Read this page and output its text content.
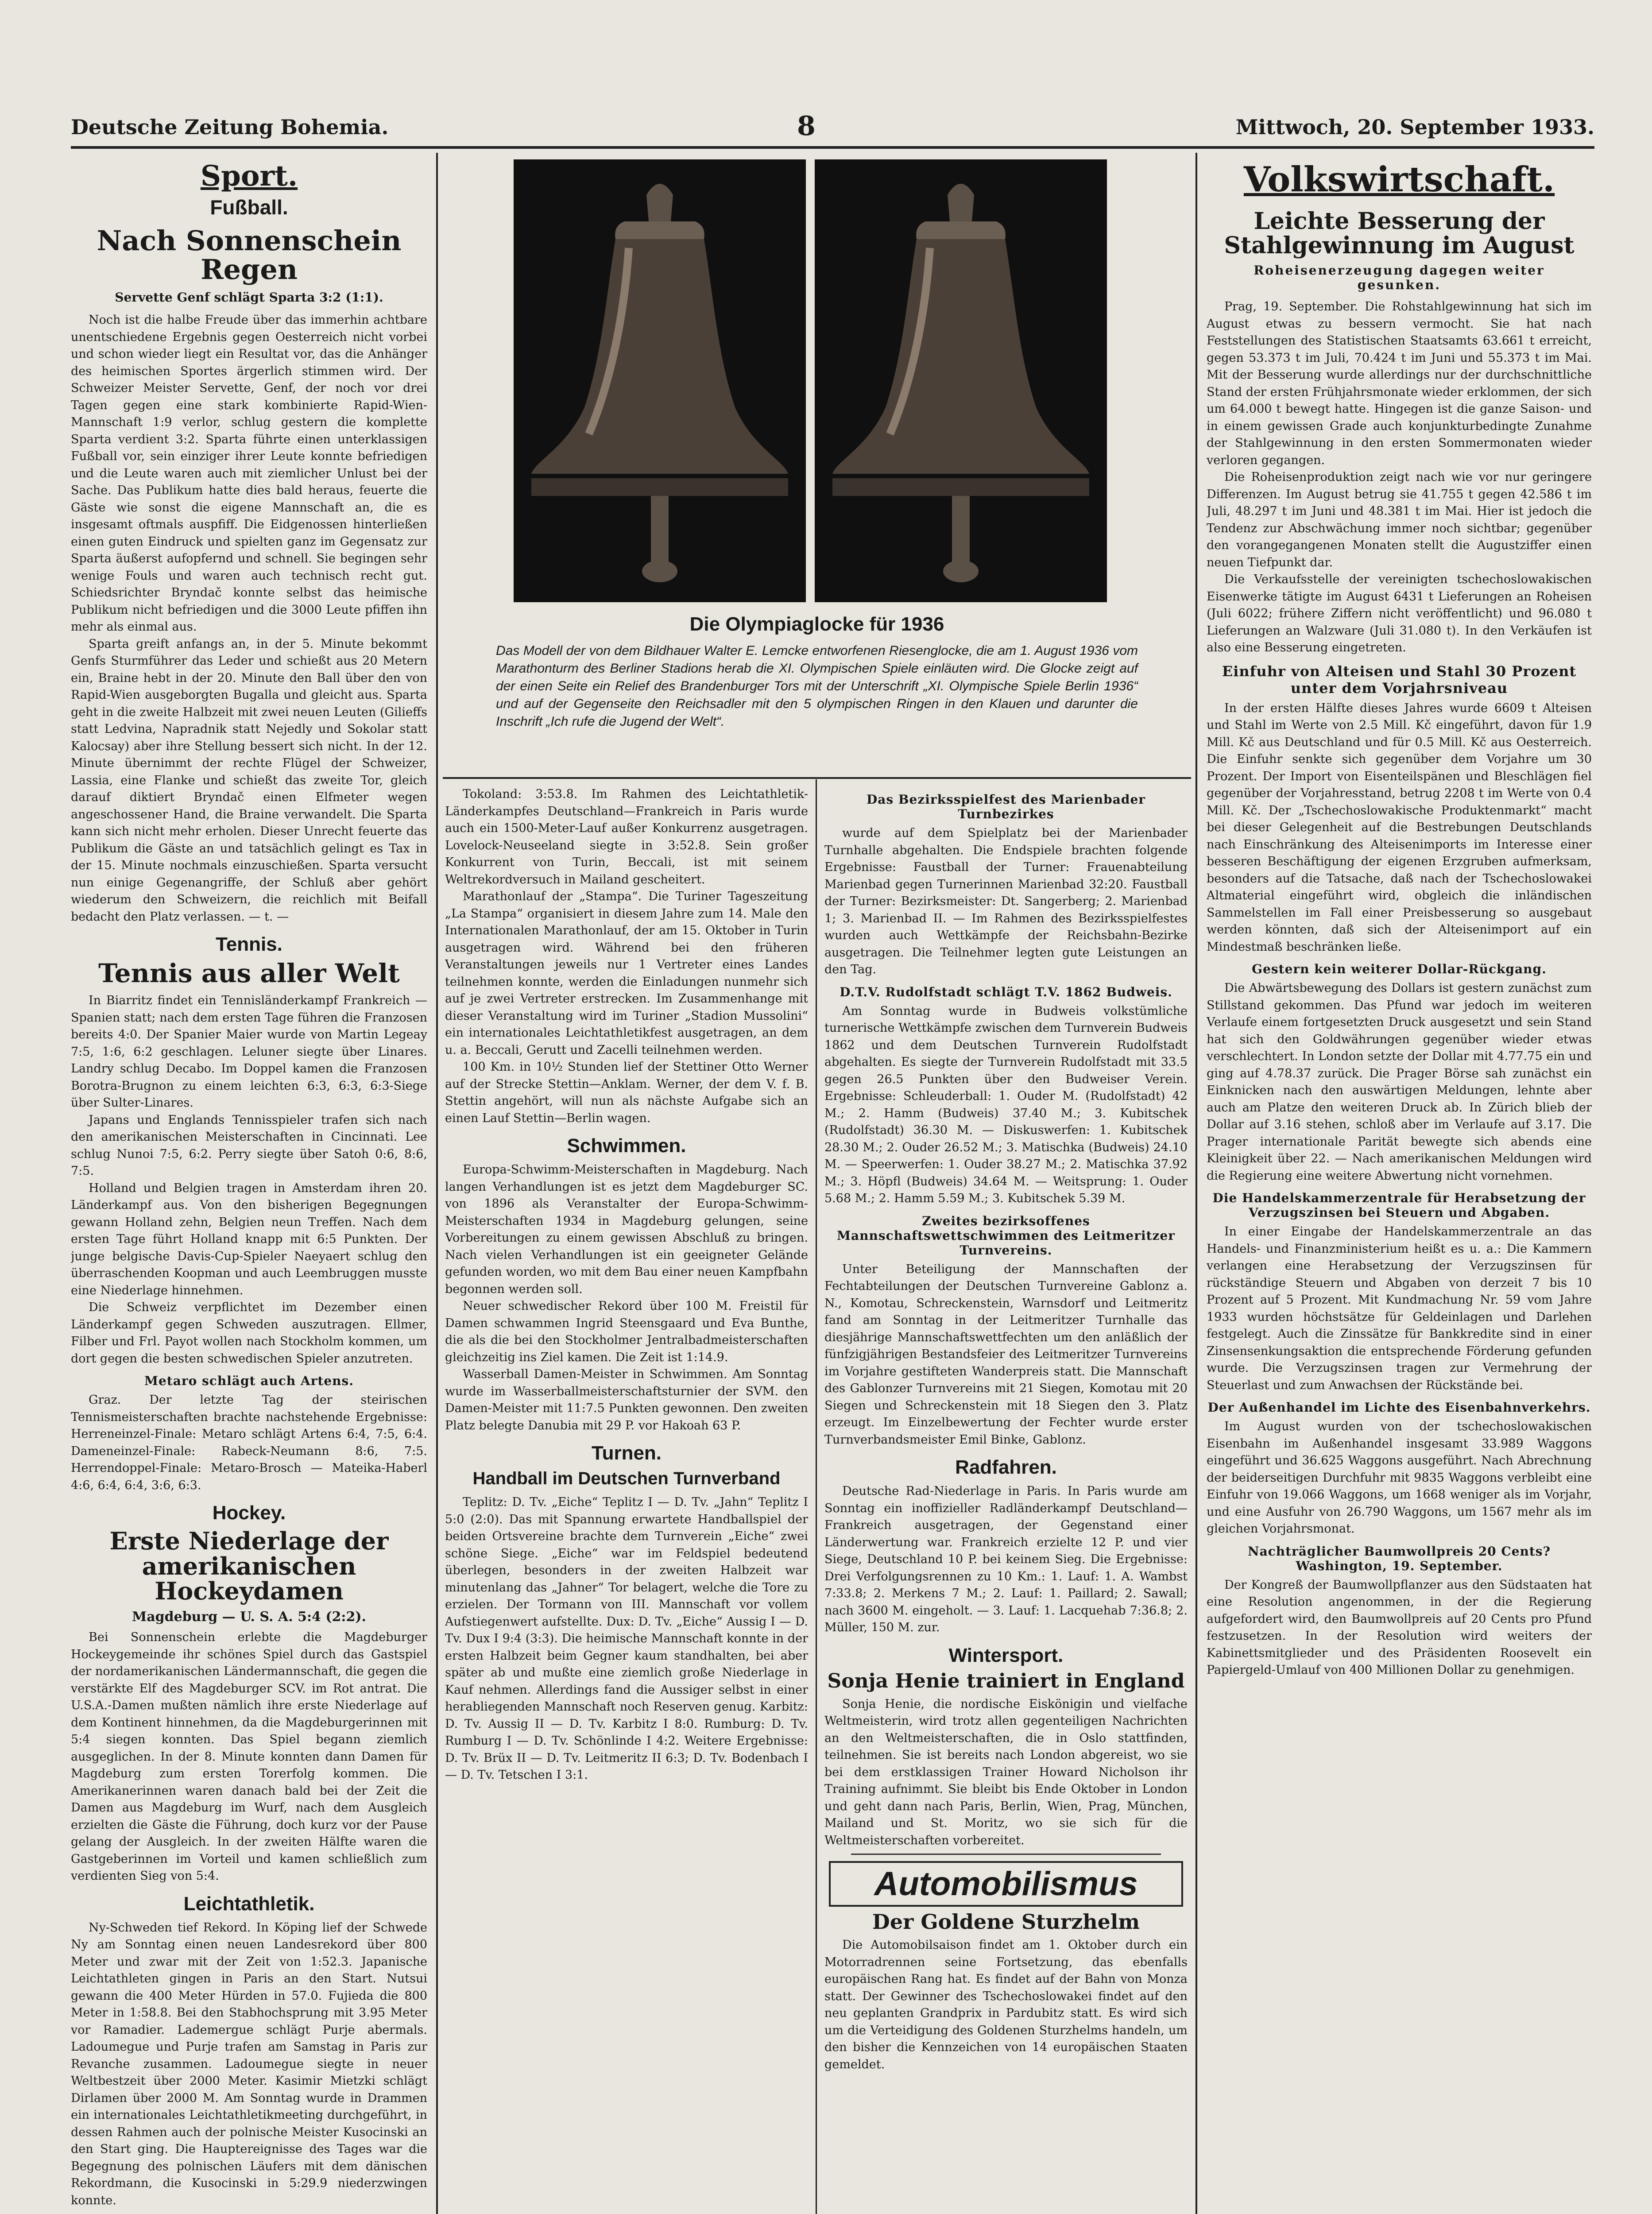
Deutsche Zeitung Bohemia.	8	Mittwoch, 20. September 1933.
Sport.
Fußball.
Nach Sonnenschein Regen
Servette Genf schlägt Sparta 3:2 (1:1).

Noch ist die halbe Freude über das immerhin achtbare unentschiedene Ergebnis gegen Oesterreich nicht vorbei und schon wieder liegt ein Resultat vor, das die Anhänger des heimischen Sportes ärgerlich stimmen wird. Der Schweizer Meister Servette, Genf, der noch vor drei Tagen gegen eine stark kombinierte Rapid-Wien-Mannschaft 1:9 verlor, schlug gestern die komplette Sparta verdient 3:2. Sparta führte einen unterklassigen Fußball vor, sein einziger ihrer Leute konnte befriedigen und die Leute waren auch mit ziemlicher Unlust bei der Sache. Das Publikum hatte dies bald heraus, feuerte die Gäste wie sonst die eigene Mannschaft an, die es insgesamt oftmals auspfiff. Die Eidgenossen hinterließen einen guten Eindruck und spielten ganz im Gegensatz zur Sparta äußerst aufopfernd und schnell. Sie begingen sehr wenige Fouls und waren auch technisch recht gut. Schiedsrichter Bryndač konnte selbst das heimische Publikum nicht befriedigen und die 3000 Leute pfiffen ihn mehr als einmal aus.

Sparta greift anfangs an, in der 5. Minute bekommt Genfs Sturmführer das Leder und schießt aus 20 Metern ein, Braine hebt in der 20. Minute den Ball über den von Rapid-Wien ausgeborgten Bugalla und gleicht aus. Sparta geht in die zweite Halbzeit mit zwei neuen Leuten (Gilieffs statt Ledvina, Napradnik statt Nejedly und Sokolar statt Kalocsay) aber ihre Stellung bessert sich nicht. In der 12. Minute übernimmt der rechte Flügel der Schweizer, Lassia, eine Flanke und schießt das zweite Tor, gleich darauf diktiert Bryndač einen Elfmeter wegen angeschossener Hand, die Braine verwandelt. Die Sparta kann sich nicht mehr erholen. Dieser Unrecht feuerte das Publikum die Gäste an und tatsächlich gelingt es Tax in der 15. Minute nochmals einzuschießen. Sparta versucht nun einige Gegenangriffe, der Schluß aber gehört wiederum den Schweizern, die reichlich mit Beifall bedacht den Platz verlassen. — t. —

Tennis.
Tennis aus aller Welt

In Biarritz findet ein Tennisländerkampf Frankreich — Spanien statt; nach dem ersten Tage führen die Franzosen bereits 4:0. Der Spanier Maier wurde von Martin Legeay 7:5, 1:6, 6:2 geschlagen. Leluner siegte über Linares. Landry schlug Decabo. Im Doppel kamen die Franzosen Borotra-Brugnon zu einem leichten 6:3, 6:3, 6:3-Siege über Sulter-Linares.

Japans und Englands Tennisspieler trafen sich nach den amerikanischen Meisterschaften in Cincinnati. Lee schlug Nunoi 7:5, 6:2. Perry siegte über Satoh 0:6, 8:6, 7:5.

Holland und Belgien tragen in Amsterdam ihren 20. Länderkampf aus. Von den bisherigen Begegnungen gewann Holland zehn, Belgien neun Treffen. Nach dem ersten Tage führt Holland knapp mit 6:5 Punkten. Der junge belgische Davis-Cup-Spieler Naeyaert schlug den überraschenden Koopman und auch Leembruggen musste eine Niederlage hinnehmen.

Die Schweiz verpflichtet im Dezember einen Länderkampf gegen Schweden auszutragen. Ellmer, Filber und Frl. Payot wollen nach Stockholm kommen, um dort gegen die besten schwedischen Spieler anzutreten.

Metaro schlägt auch Artens.

Graz. Der letzte Tag der steirischen Tennismeisterschaften brachte nachstehende Ergebnisse: Herreneinzel-Finale: Metaro schlägt Artens 6:4, 7:5, 6:4. Dameneinzel-Finale: Rabeck-Neumann 8:6, 7:5. Herrendoppel-Finale: Metaro-Brosch — Mateika-Haberl 4:6, 6:4, 6:4, 3:6, 6:3.

Hockey.
Erste Niederlage der amerikanischen Hockeydamen
Magdeburg — U. S. A. 5:4 (2:2).

Bei Sonnenschein erlebte die Magdeburger Hockeygemeinde ihr schönes Spiel durch das Gastspiel der nordamerikanischen Ländermannschaft, die gegen die verstärkte Elf des Magdeburger SCV. im Rot antrat. Die U.S.A.-Damen mußten nämlich ihre erste Niederlage auf dem Kontinent hinnehmen, da die Magdeburgerinnen mit 5:4 siegen konnten. Das Spiel begann ziemlich ausgeglichen. In der 8. Minute konnten dann Damen für Magdeburg zum ersten Torerfolg kommen. Die Amerikanerinnen waren danach bald bei der Zeit die Damen aus Magdeburg im Wurf, nach dem Ausgleich erzielten die Gäste die Führung, doch kurz vor der Pause gelang der Ausgleich. In der zweiten Hälfte waren die Gastgeberinnen im Vorteil und kamen schließlich zum verdienten Sieg von 5:4.

Leichtathletik.

Ny-Schweden tief Rekord. In Köping lief der Schwede Ny am Sonntag einen neuen Landesrekord über 800 Meter und zwar mit der Zeit von 1:52.3. Japanische Leichtathleten gingen in Paris an den Start. Nutsui gewann die 400 Meter Hürden in 57.0. Fujieda die 800 Meter in 1:58.8. Bei den Stabhochsprung mit 3.95 Meter vor Ramadier. Lademergue schlägt Purje abermals. Ladoumegue und Purje trafen am Samstag in Paris zur Revanche zusammen. Ladoumegue siegte in neuer Weltbestzeit über 2000 Meter. Kasimir Mietzki schlägt Dirlamen über 2000 M. Am Sonntag wurde in Drammen ein internationales Leichtathletikmeeting durchgeführt, in dessen Rahmen auch der polnische Meister Kusocinski an den Start ging. Die Hauptereignisse des Tages war die Begegnung des polnischen Läufers mit dem dänischen Rekordmann, die Kusocinski in 5:29.9 niederzwingen konnte.

Die Olympiaglocke für 1936
Das Modell der von dem Bildhauer Walter E. Lemcke entworfenen Riesenglocke, die am 1. August 1936 vom Marathonturm des Berliner Stadions herab die XI. Olympischen Spiele einläuten wird. Die Glocke zeigt auf der einen Seite ein Relief des Brandenburger Tors mit der Unterschrift „XI. Olympische Spiele Berlin 1936“ und auf der Gegenseite den Reichsadler mit den 5 olympischen Ringen in den Klauen und darunter die Inschrift „Ich rufe die Jugend der Welt“.

Tokoland: 3:53.8. Im Rahmen des Leichtathletik-Länderkampfes Deutschland—Frankreich in Paris wurde auch ein 1500-Meter-Lauf außer Konkurrenz ausgetragen. Lovelock-Neuseeland siegte in 3:52.8. Sein großer Konkurrent von Turin, Beccali, ist mit seinem Weltrekordversuch in Mailand gescheitert.

Marathonlauf der „Stampa“. Die Turiner Tageszeitung „La Stampa“ organisiert in diesem Jahre zum 14. Male den Internationalen Marathonlauf, der am 15. Oktober in Turin ausgetragen wird. Während bei den früheren Veranstaltungen jeweils nur 1 Vertreter eines Landes teilnehmen konnte, werden die Einladungen nunmehr sich auf je zwei Vertreter erstrecken. Im Zusammenhange mit dieser Veranstaltung wird im Turiner „Stadion Mussolini“ ein internationales Leichtathletikfest ausgetragen, an dem u. a. Beccali, Gerutt und Zacelli teilnehmen werden.

100 Km. in 10½ Stunden lief der Stettiner Otto Werner auf der Strecke Stettin—Anklam. Werner, der dem V. f. B. Stettin angehört, will nun als nächste Aufgabe sich an einen Lauf Stettin—Berlin wagen.

Schwimmen.

Europa-Schwimm-Meisterschaften in Magdeburg. Nach langen Verhandlungen ist es jetzt dem Magdeburger SC. von 1896 als Veranstalter der Europa-Schwimm-Meisterschaften 1934 in Magdeburg gelungen, seine Vorbereitungen zu einem gewissen Abschluß zu bringen. Nach vielen Verhandlungen ist ein geeigneter Gelände gefunden worden, wo mit dem Bau einer neuen Kampfbahn begonnen werden soll.

Neuer schwedischer Rekord über 100 M. Freistil für Damen schwammen Ingrid Steensgaard und Eva Bunthe, die als die bei den Stockholmer Jentralbadmeisterschaften gleichzeitig ins Ziel kamen. Die Zeit ist 1:14.9.

Wasserball Damen-Meister in Schwimmen. Am Sonntag wurde im Wasserballmeisterschaftsturnier der SVM. den Damen-Meister mit 11:7.5 Punkten gewonnen. Den zweiten Platz belegte Danubia mit 29 P. vor Hakoah 63 P.

Turnen.
Handball im Deutschen Turnverband

Teplitz: D. Tv. „Eiche“ Teplitz I — D. Tv. „Jahn“ Teplitz I 5:0 (2:0). Das mit Spannung erwartete Handballspiel der beiden Ortsvereine brachte dem Turnverein „Eiche“ zwei schöne Siege. „Eiche“ war im Feldspiel bedeutend überlegen, besonders in der zweiten Halbzeit war minutenlang das „Jahner“ Tor belagert, welche die Tore zu erzielen. Der Tormann von III. Mannschaft vor vollem Aufstiegenwert aufstellte. Dux: D. Tv. „Eiche“ Aussig I — D. Tv. Dux I 9:4 (3:3). Die heimische Mannschaft konnte in der ersten Halbzeit beim Gegner kaum standhalten, bei aber später ab und mußte eine ziemlich große Niederlage in Kauf nehmen. Allerdings fand die Aussiger selbst in einer herabliegenden Mannschaft noch Reserven genug. Karbitz: D. Tv. Aussig II — D. Tv. Karbitz I 8:0. Rumburg: D. Tv. Rumburg I — D. Tv. Schönlinde I 4:2. Weitere Ergebnisse: D. Tv. Brüx II — D. Tv. Leitmeritz II 6:3; D. Tv. Bodenbach I — D. Tv. Tetschen I 3:1.

Das Bezirksspielfest des Marienbader Turnbezirkes

wurde auf dem Spielplatz bei der Marienbader Turnhalle abgehalten. Die Endspiele brachten folgende Ergebnisse: Faustball der Turner: Frauenabteilung Marienbad gegen Turnerinnen Marienbad 32:20. Faustball der Turner: Bezirksmeister: Dt. Sangerberg; 2. Marienbad 1; 3. Marienbad II. — Im Rahmen des Bezirksspielfestes wurden auch Wettkämpfe der Reichsbahn-Bezirke ausgetragen. Die Teilnehmer legten gute Leistungen an den Tag.

D.T.V. Rudolfstadt schlägt T.V. 1862 Budweis.

Am Sonntag wurde in Budweis volkstümliche turnerische Wettkämpfe zwischen dem Turnverein Budweis 1862 und dem Deutschen Turnverein Rudolfstadt abgehalten. Es siegte der Turnverein Rudolfstadt mit 33.5 gegen 26.5 Punkten über den Budweiser Verein. Ergebnisse: Schleuderball: 1. Ouder M. (Rudolfstadt) 42 M.; 2. Hamm (Budweis) 37.40 M.; 3. Kubitschek (Rudolfstadt) 36.30 M. — Diskuswerfen: 1. Kubitschek 28.30 M.; 2. Ouder 26.52 M.; 3. Matischka (Budweis) 24.10 M. — Speerwerfen: 1. Ouder 38.27 M.; 2. Matischka 37.92 M.; 3. Höpfl (Budweis) 34.64 M. — Weitsprung: 1. Ouder 5.68 M.; 2. Hamm 5.59 M.; 3. Kubitschek 5.39 M.

Zweites bezirksoffenes Mannschaftswettschwimmen des Leitmeritzer Turnvereins.

Unter Beteiligung der Mannschaften der Fechtabteilungen der Deutschen Turnvereine Gablonz a. N., Komotau, Schreckenstein, Warnsdorf und Leitmeritz fand am Sonntag in der Leitmeritzer Turnhalle das diesjährige Mannschaftswettfechten um den anläßlich der fünfzigjährigen Bestandsfeier des Leitmeritzer Turnvereins im Vorjahre gestifteten Wanderpreis statt. Die Mannschaft des Gablonzer Turnvereins mit 21 Siegen, Komotau mit 20 Siegen und Schreckenstein mit 18 Siegen den 3. Platz erzeugt. Im Einzelbewertung der Fechter wurde erster Turnverbandsmeister Emil Binke, Gablonz.

Radfahren.

Deutsche Rad-Niederlage in Paris. In Paris wurde am Sonntag ein inoffizieller Radländerkampf Deutschland—Frankreich ausgetragen, der Gegenstand einer Länderwertung war. Frankreich erzielte 12 P. und vier Siege, Deutschland 10 P. bei keinem Sieg. Die Ergebnisse: Drei Verfolgungsrennen zu 10 Km.: 1. Lauf: 1. A. Wambst 7:33.8; 2. Merkens 7 M.; 2. Lauf: 1. Paillard; 2. Sawall; nach 3600 M. eingeholt. — 3. Lauf: 1. Lacquehab 7:36.8; 2. Müller, 150 M. zur.

Wintersport.
Sonja Henie trainiert in England

Sonja Henie, die nordische Eiskönigin und vielfache Weltmeisterin, wird trotz allen gegenteiligen Nachrichten an den Weltmeisterschaften, die in Oslo stattfinden, teilnehmen. Sie ist bereits nach London abgereist, wo sie bei dem erstklassigen Trainer Howard Nicholson ihr Training aufnimmt. Sie bleibt bis Ende Oktober in London und geht dann nach Paris, Berlin, Wien, Prag, München, Mailand und St. Moritz, wo sie sich für die Weltmeisterschaften vorbereitet.

Automobilismus
Der Goldene Sturzhelm

Die Automobilsaison findet am 1. Oktober durch ein Motorradrennen seine Fortsetzung, das ebenfalls europäischen Rang hat. Es findet auf der Bahn von Monza statt. Der Gewinner des Tschechoslowakei findet auf den neu geplanten Grandprix in Pardubitz statt. Es wird sich um die Verteidigung des Goldenen Sturzhelms handeln, um den bisher die Kennzeichen von 14 europäischen Staaten gemeldet.

Volkswirtschaft.
Leichte Besserung der Stahlgewinnung im August
Roheisenerzeugung dagegen weiter gesunken.

Prag, 19. September. Die Rohstahlgewinnung hat sich im August etwas zu bessern vermocht. Sie hat nach Feststellungen des Statistischen Staatsamts 63.661 t erreicht, gegen 53.373 t im Juli, 70.424 t im Juni und 55.373 t im Mai. Mit der Besserung wurde allerdings nur der durchschnittliche Stand der ersten Frühjahrsmonate wieder erklommen, der sich um 64.000 t bewegt hatte. Hingegen ist die ganze Saison- und in einem gewissen Grade auch konjunkturbedingte Zunahme der Stahlgewinnung in den ersten Sommermonaten wieder verloren gegangen.

Die Roheisenproduktion zeigt nach wie vor nur geringere Differenzen. Im August betrug sie 41.755 t gegen 42.586 t im Juli, 48.297 t im Juni und 48.381 t im Mai. Hier ist jedoch die Tendenz zur Abschwächung immer noch sichtbar; gegenüber den vorangegangenen Monaten stellt die Augustziffer einen neuen Tiefpunkt dar.

Die Verkaufsstelle der vereinigten tschechoslowakischen Eisenwerke tätigte im August 6431 t Lieferungen an Roheisen (Juli 6022; frühere Ziffern nicht veröffentlicht) und 96.080 t Lieferungen an Walzware (Juli 31.080 t). In den Verkäufen ist also eine Besserung eingetreten.

Einfuhr von Alteisen und Stahl 30 Prozent unter dem Vorjahrsniveau

In der ersten Hälfte dieses Jahres wurde 6609 t Alteisen und Stahl im Werte von 2.5 Mill. Kč eingeführt, davon für 1.9 Mill. Kč aus Deutschland und für 0.5 Mill. Kč aus Oesterreich. Die Einfuhr senkte sich gegenüber dem Vorjahre um 30 Prozent. Der Import von Eisenteilspänen und Bleschlägen fiel gegenüber der Vorjahresstand, betrug 2208 t im Werte von 0.4 Mill. Kč. Der „Tschechoslowakische Produktenmarkt“ macht bei dieser Gelegenheit auf die Bestrebungen Deutschlands nach Einschränkung des Alteisenimports im Interesse einer besseren Beschäftigung der eigenen Erzgruben aufmerksam, besonders auf die Tatsache, daß nach der Tschechoslowakei Altmaterial eingeführt wird, obgleich die inländischen Sammelstellen im Fall einer Preisbesserung so ausgebaut werden könnten, daß sich der Alteisenimport auf ein Mindestmaß beschränken ließe.

Gestern kein weiterer Dollar-Rückgang.

Die Abwärtsbewegung des Dollars ist gestern zunächst zum Stillstand gekommen. Das Pfund war jedoch im weiteren Verlaufe einem fortgesetzten Druck ausgesetzt und sein Stand hat sich den Goldwährungen gegenüber wieder etwas verschlechtert. In London setzte der Dollar mit 4.77.75 ein und ging auf 4.78.37 zurück. Die Prager Börse sah zunächst ein Einknicken nach den auswärtigen Meldungen, lehnte aber auch am Platze den weiteren Druck ab. In Zürich blieb der Dollar auf 3.16 stehen, schloß aber im Verlaufe auf 3.17. Die Prager internationale Parität bewegte sich abends eine Kleinigkeit über 22. — Nach amerikanischen Meldungen wird die Regierung eine weitere Abwertung nicht vornehmen.

Die Handelskammerzentrale für Herabsetzung der Verzugszinsen bei Steuern und Abgaben.

In einer Eingabe der Handelskammerzentrale an das Handels- und Finanzministerium heißt es u. a.: Die Kammern verlangen eine Herabsetzung der Verzugszinsen für rückständige Steuern und Abgaben von derzeit 7 bis 10 Prozent auf 5 Prozent. Mit Kundmachung Nr. 59 vom Jahre 1933 wurden höchstsätze für Geldeinlagen und Darlehen festgelegt. Auch die Zinssätze für Bankkredite sind in einer Zinsensenkungsaktion die entsprechende Förderung gefunden wurde. Die Verzugszinsen tragen zur Vermehrung der Steuerlast und zum Anwachsen der Rückstände bei.

Der Außenhandel im Lichte des Eisenbahnverkehrs.

Im August wurden von der tschechoslowakischen Eisenbahn im Außenhandel insgesamt 33.989 Waggons eingeführt und 36.625 Waggons ausgeführt. Nach Abrechnung der beiderseitigen Durchfuhr mit 9835 Waggons verbleibt eine Einfuhr von 19.066 Waggons, um 1668 weniger als im Vorjahr, und eine Ausfuhr von 26.790 Waggons, um 1567 mehr als im gleichen Vorjahrsmonat.

Nachträglicher Baumwollpreis 20 Cents? Washington, 19. September.

Der Kongreß der Baumwollpflanzer aus den Südstaaten hat eine Resolution angenommen, in der die Regierung aufgefordert wird, den Baumwollpreis auf 20 Cents pro Pfund festzusetzen. In der Resolution wird weiters der Kabinettsmitglieder und des Präsidenten Roosevelt ein Papiergeld-Umlauf von 400 Millionen Dollar zu genehmigen.
